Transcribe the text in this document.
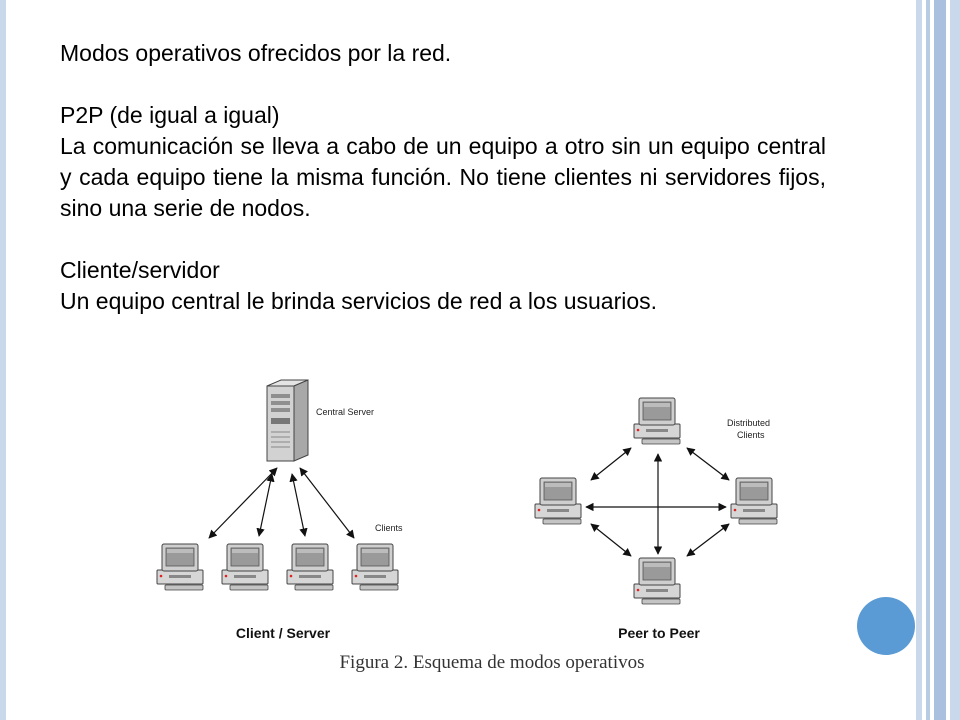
Modos operativos ofrecidos por la red.

P2P (de igual a igual)

La comunicación se lleva a cabo de un equipo a otro sin un equipo central y cada equipo tiene la misma función. No tiene clientes ni servidores fijos, sino una serie de nodos.

Cliente/servidor

Un equipo central le brinda servicios de red a los usuarios.

Central Server
Clients
Client / Server
Distributed
Clients
Peer to Peer
Figura 2. Esquema de modos operativos
